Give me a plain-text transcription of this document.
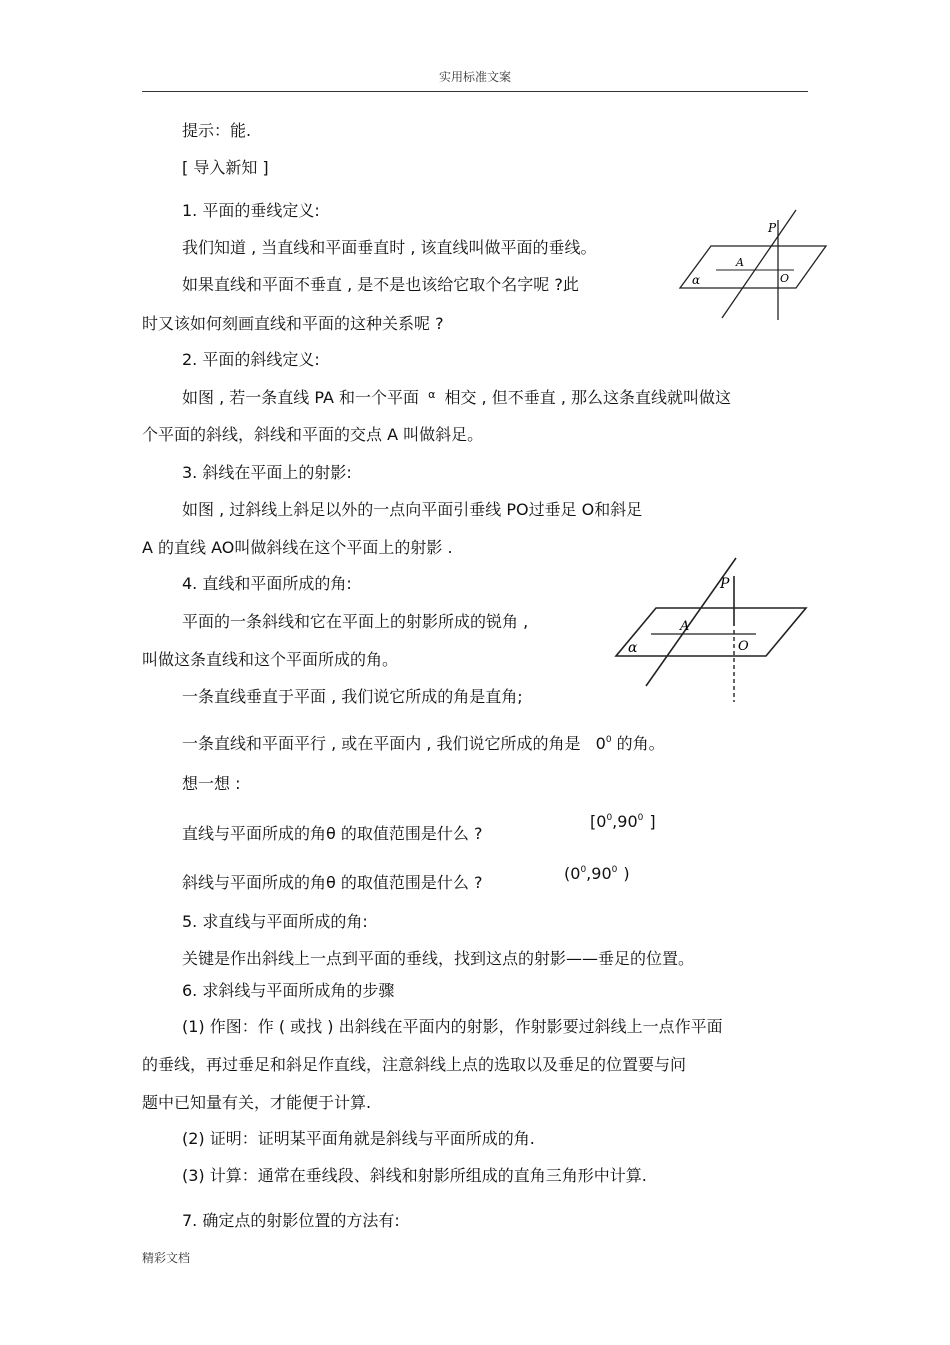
实用标准文案
提示：能.
[ 导入新知 ]
1. 平面的垂线定义:
我们知道 , 当直线和平面垂直时 , 该直线叫做平面的垂线。
如果直线和平面不垂直 , 是不是也该给它取个名字呢 ?此
时又该如何刻画直线和平面的这种关系呢 ?
2. 平面的斜线定义:
如图 , 若一条直线 PA 和一个平面 $^\alpha$ 相交 , 但不垂直 , 那么这条直线就叫做这
个平面的斜线，斜线和平面的交点 A 叫做斜足。
3. 斜线在平面上的射影:
如图 , 过斜线上斜足以外的一点向平面引垂线 PO过垂足 O和斜足
A 的直线 AO叫做斜线在这个平面上的射影 .
4. 直线和平面所成的角:
平面的一条斜线和它在平面上的射影所成的锐角 ,
叫做这条直线和这个平面所成的角。
一条直线垂直于平面 , 我们说它所成的角是直角;
一条直线和平面平行 , 或在平面内 , 我们说它所成的角是 $0^0$ 的角。
想一想 :
直线与平面所成的角θ 的取值范围是什么 ?
[$0^0,90^0$ ]
斜线与平面所成的角θ 的取值范围是什么 ?	($0^0,90^0$ )
5. 求直线与平面所成的角:
关键是作出斜线上一点到平面的垂线，找到这点的射影——垂足的位置。
6. 求斜线与平面所成角的步骤
(1) 作图：作 ( 或找 ) 出斜线在平面内的射影，作射影要过斜线上一点作平面
的垂线，再过垂足和斜足作直线，注意斜线上点的选取以及垂足的位置要与问
题中已知量有关，才能便于计算.
(2) 证明：证明某平面角就是斜线与平面所成的角.
(3) 计算：通常在垂线段、斜线和射影所组成的直角三角形中计算.
7. 确定点的射影位置的方法有:
P
A
O
α
P
A
O
α
精彩文档
